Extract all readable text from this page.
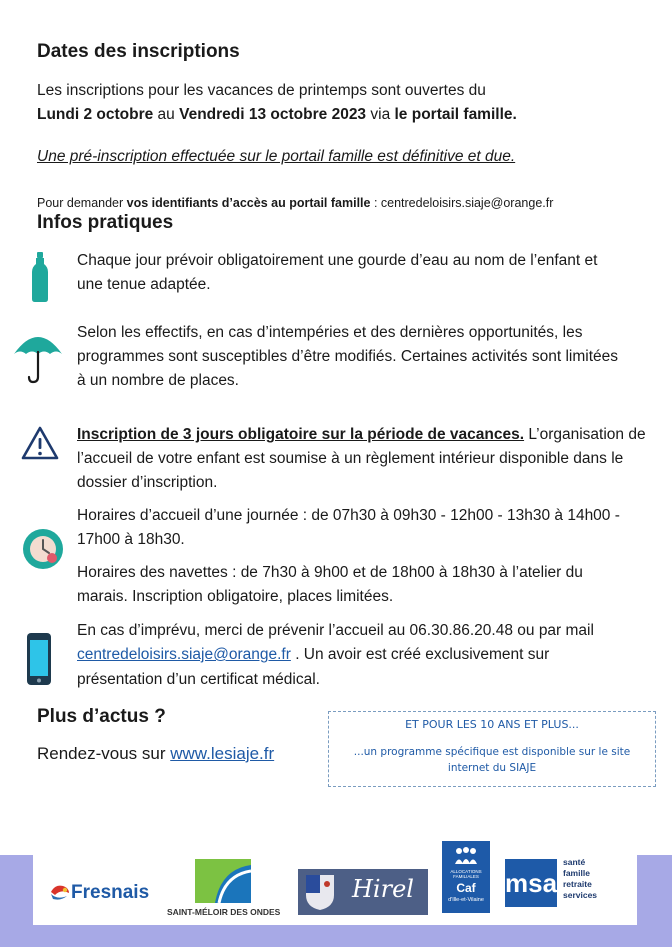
Dates des inscriptions

Les inscriptions pour les vacances de printemps sont ouvertes du

Lundi 2 octobre au Vendredi 13 octobre 2023 via le portail famille.

Une pré-inscription effectuée sur le portail famille est définitive et due.

Pour demander vos identifiants d’accès au portail famille : centredeloisirs.siaje@orange.fr

Infos pratiques

Chaque jour prévoir obligatoirement une gourde d’eau au nom de l’enfant et

une tenue adaptée.

Selon les effectifs, en cas d’intempéries et des dernières opportunités, les

programmes sont susceptibles d’être modifiés. Certaines activités sont limitées

à un nombre de places.

Inscription de 3 jours obligatoire sur la période de vacances. L’organisation de

l’accueil de votre enfant est soumise à un règlement intérieur disponible dans le

dossier d’inscription.

Horaires d’accueil d’une journée : de 07h30 à 09h30 - 12h00 - 13h30 à 14h00 -

17h00 à 18h30.

Horaires des navettes : de 7h30 à 9h00 et de 18h00 à 18h30 à l’atelier du

marais. Inscription obligatoire, places limitées.

En cas d’imprévu, merci de prévenir l’accueil au 06.30.86.20.48 ou par mail

centredeloisirs.siaje@orange.fr . Un avoir est créé exclusivement sur

présentation d’un certificat médical.

Plus d’actus ?

Rendez-vous sur www.lesiaje.fr

ET POUR LES 10 ANS ET PLUS...
...un programme spécifique est disponible sur le site
internet du SIAJE
Fresnais
SAINT-MÉLOIR DES ONDES
Hirel
ALLOCATIONS FAMILIALES
Caf
d'Ille-et-Vilaine
msa
santé
famille
retraite
services
